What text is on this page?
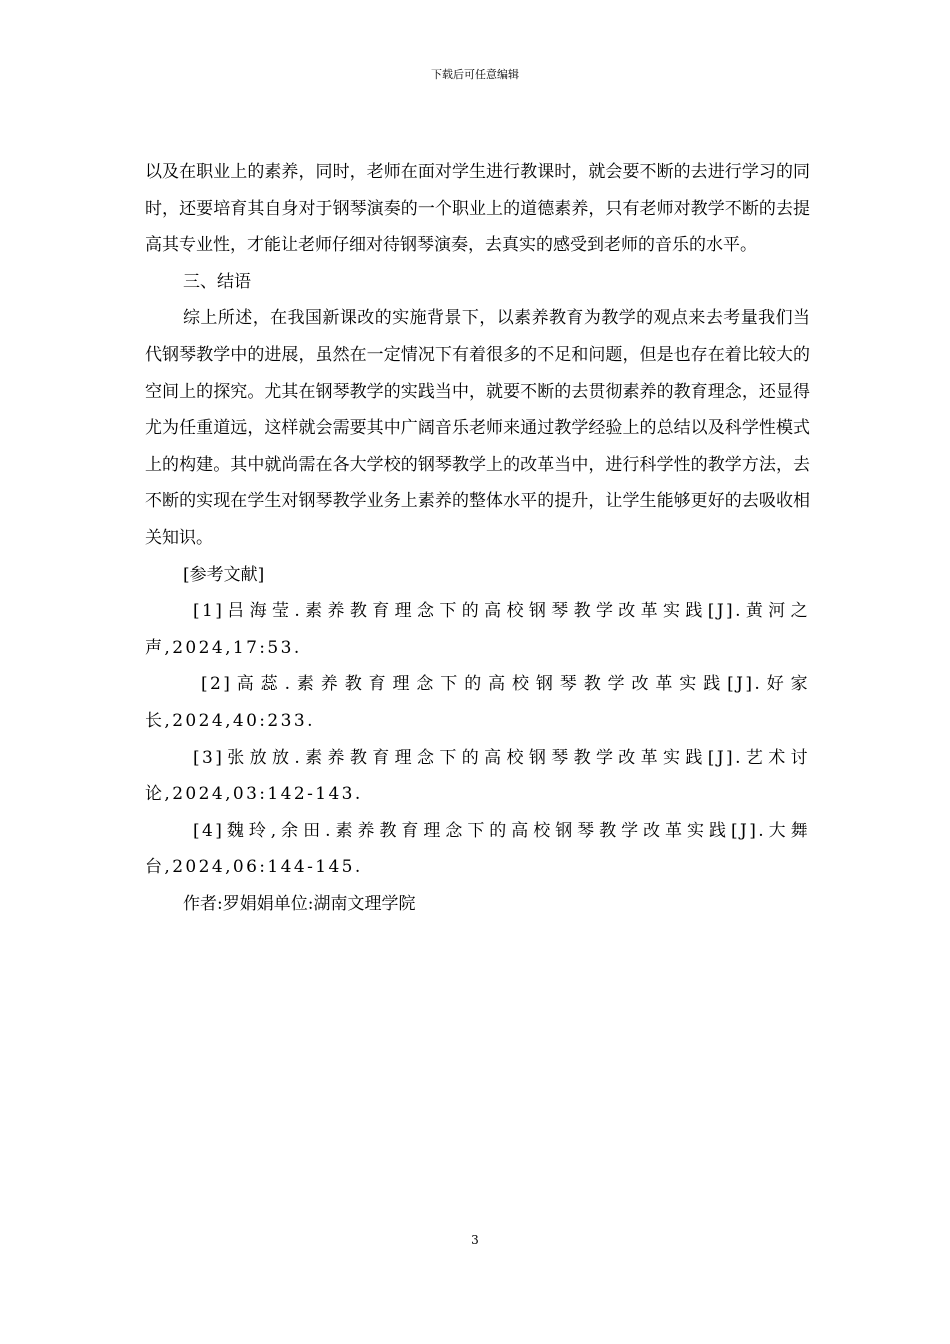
下载后可任意编辑

以及在职业上的素养，同时，老师在面对学生进行教课时，就会要不断的去进行学习的同时，还要培育其自身对于钢琴演奏的一个职业上的道德素养，只有老师对教学不断的去提高其专业性，才能让老师仔细对待钢琴演奏，去真实的感受到老师的音乐的水平。

三、结语

综上所述，在我国新课改的实施背景下，以素养教育为教学的观点来去考量我们当代钢琴教学中的进展，虽然在一定情况下有着很多的不足和问题，但是也存在着比较大的空间上的探究。尤其在钢琴教学的实践当中，就要不断的去贯彻素养的教育理念，还显得尤为任重道远，这样就会需要其中广阔音乐老师来通过教学经验上的总结以及科学性模式上的构建。其中就尚需在各大学校的钢琴教学上的改革当中，进行科学性的教学方法，去不断的实现在学生对钢琴教学业务上素养的整体水平的提升，让学生能够更好的去吸收相关知识。

[参考文献]

[1]吕海莹.素养教育理念下的高校钢琴教学改革实践[J].黄河之声,2024,17:53.

[2]高蕊.素养教育理念下的高校钢琴教学改革实践[J].好家长,2024,40:233.

[3]张放放.素养教育理念下的高校钢琴教学改革实践[J].艺术讨论,2024,03:142-143.

[4]魏玲,余田.素养教育理念下的高校钢琴教学改革实践[J].大舞台,2024,06:144-145.

作者:罗娟娟单位:湖南文理学院

3
